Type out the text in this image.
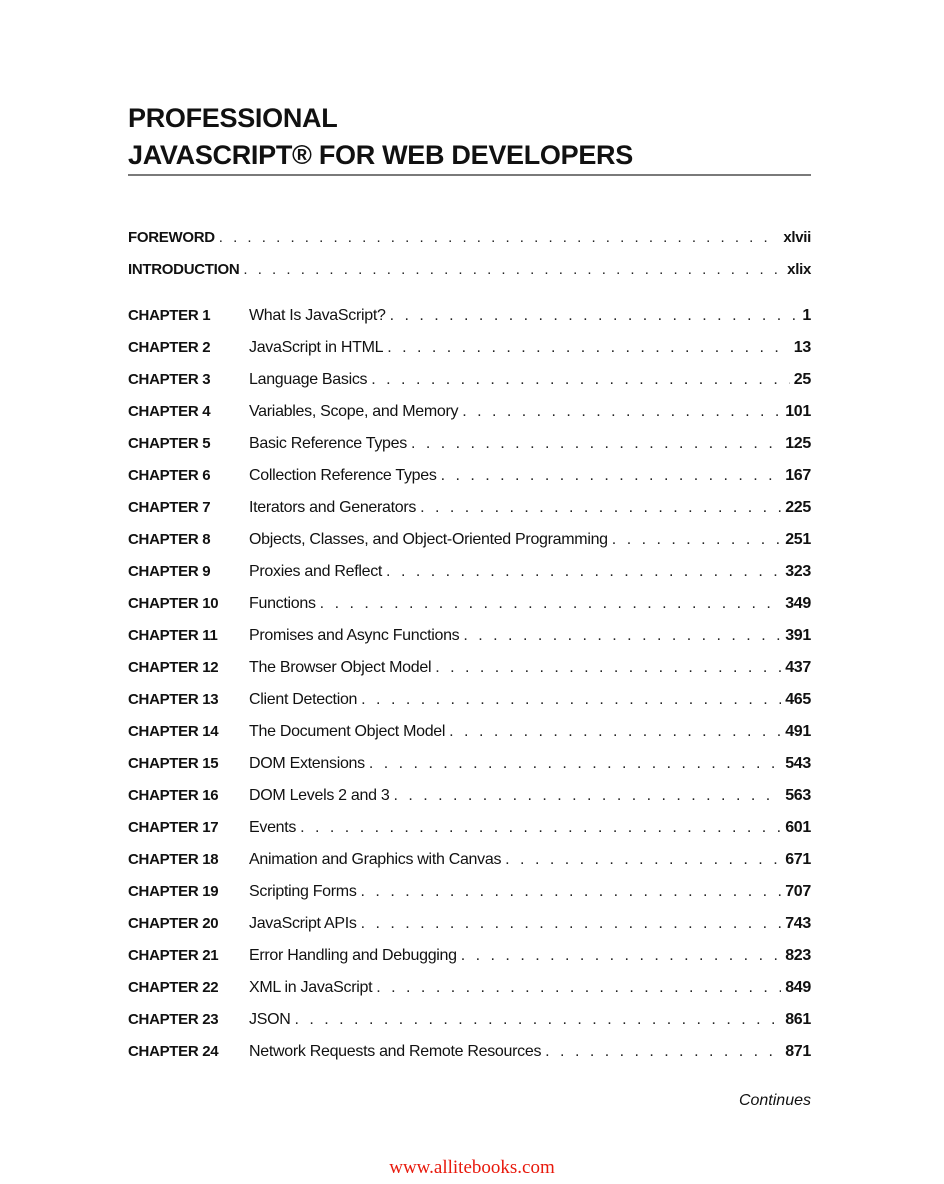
PROFESSIONAL
JAVASCRIPT® FOR WEB DEVELOPERS
FOREWORD . . .	xlvii
INTRODUCTION . . .	xlix
CHAPTER 1	What Is JavaScript? . . .	1
CHAPTER 2	JavaScript in HTML . . .	13
CHAPTER 3	Language Basics . . .	25
CHAPTER 4	Variables, Scope, and Memory . . .	101
CHAPTER 5	Basic Reference Types . . .	125
CHAPTER 6	Collection Reference Types . . .	167
CHAPTER 7	Iterators and Generators . . .	225
CHAPTER 8	Objects, Classes, and Object-Oriented Programming . . .	251
CHAPTER 9	Proxies and Reflect . . .	323
CHAPTER 10	Functions . . .	349
CHAPTER 11	Promises and Async Functions . . .	391
CHAPTER 12	The Browser Object Model . . .	437
CHAPTER 13	Client Detection . . .	465
CHAPTER 14	The Document Object Model . . .	491
CHAPTER 15	DOM Extensions . . .	543
CHAPTER 16	DOM Levels 2 and 3 . . .	563
CHAPTER 17	Events . . .	601
CHAPTER 18	Animation and Graphics with Canvas . . .	671
CHAPTER 19	Scripting Forms . . .	707
CHAPTER 20	JavaScript APIs . . .	743
CHAPTER 21	Error Handling and Debugging . . .	823
CHAPTER 22	XML in JavaScript . . .	849
CHAPTER 23	JSON . . .	861
CHAPTER 24	Network Requests and Remote Resources . . .	871
Continues
www.allitebooks.com
